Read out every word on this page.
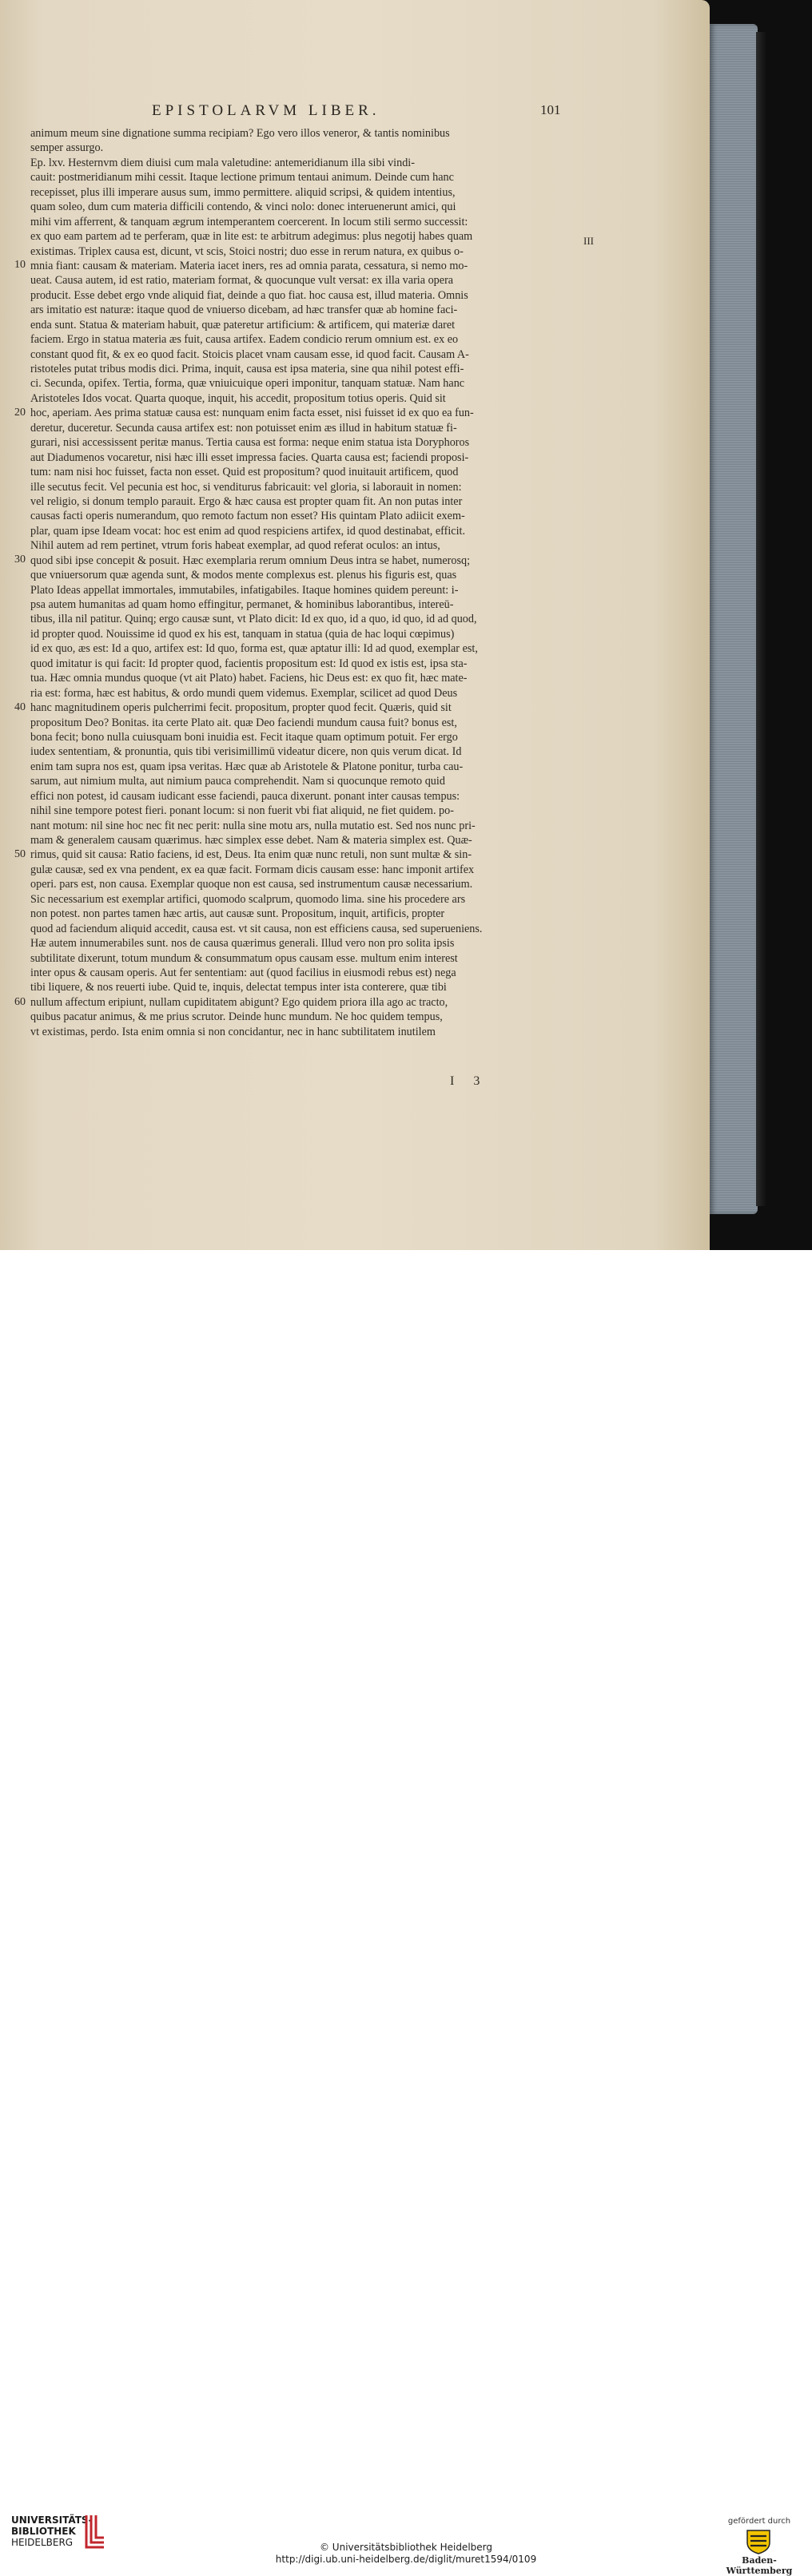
EPISTOLARVM LIBER.	101
III
animum meum sine dignatione summa recipiam? Ego vero illos veneror, & tantis nominibus
semper assurgo.
Ep. lxv. Hesternvm diem diuisi cum mala valetudine: antemeridianum illa sibi vindi-
cauit: postmeridianum mihi cessit. Itaque lectione primum tentaui animum. Deinde cum hanc
recepisset, plus illi imperare ausus sum, immo permittere. aliquid scripsi, & quidem intentius,
quam soleo, dum cum materia difficili contendo, & vinci nolo: donec interuenerunt amici, qui
mihi vim afferrent, & tanquam ægrum intemperantem coercerent. In locum stili sermo successit:
ex quo eam partem ad te perferam, quæ in lite est: te arbitrum adegimus: plus negotij habes quam
existimas. Triplex causa est, dicunt, vt scis, Stoici nostri; duo esse in rerum natura, ex quibus o-
mnia fiant: causam & materiam. Materia iacet iners, res ad omnia parata, cessatura, si nemo mo-
ueat. Causa autem, id est ratio, materiam format, & quocunque vult versat: ex illa varia opera
producit. Esse debet ergo vnde aliquid fiat, deinde a quo fiat. hoc causa est, illud materia. Omnis
ars imitatio est naturæ: itaque quod de vniuerso dicebam, ad hæc transfer quæ ab homine faci-
enda sunt. Statua & materiam habuit, quæ pateretur artificium: & artificem, qui materiæ daret
faciem. Ergo in statua materia æs fuit, causa artifex. Eadem condicio rerum omnium est. ex eo
constant quod fit, & ex eo quod facit. Stoicis placet vnam causam esse, id quod facit. Causam A-
ristoteles putat tribus modis dici. Prima, inquit, causa est ipsa materia, sine qua nihil potest effi-
ci. Secunda, opifex. Tertia, forma, quæ vniuicuique operi imponitur, tanquam statuæ. Nam hanc
Aristoteles Idos vocat. Quarta quoque, inquit, his accedit, propositum totius operis. Quid sit
hoc, aperiam. Aes prima statuæ causa est: nunquam enim facta esset, nisi fuisset id ex quo ea fun-
deretur, duceretur. Secunda causa artifex est: non potuisset enim æs illud in habitum statuæ fi-
gurari, nisi accessissent peritæ manus. Tertia causa est forma: neque enim statua ista Doryphoros
aut Diadumenos vocaretur, nisi hæc illi esset impressa facies. Quarta causa est; faciendi proposi-
tum: nam nisi hoc fuisset, facta non esset. Quid est propositum? quod inuitauit artificem, quod
ille secutus fecit. Vel pecunia est hoc, si venditurus fabricauit: vel gloria, si laborauit in nomen:
vel religio, si donum templo parauit. Ergo & hæc causa est propter quam fit. An non putas inter
causas facti operis numerandum, quo remoto factum non esset? His quintam Plato adiicit exem-
plar, quam ipse Ideam vocat: hoc est enim ad quod respiciens artifex, id quod destinabat, efficit.
Nihil autem ad rem pertinet, vtrum foris habeat exemplar, ad quod referat oculos: an intus,
quod sibi ipse concepit & posuit. Hæc exemplaria rerum omnium Deus intra se habet, numerosq;
que vniuersorum quæ agenda sunt, & modos mente complexus est. plenus his figuris est, quas
Plato Ideas appellat immortales, immutabiles, infatigabiles. Itaque homines quidem pereunt: i-
psa autem humanitas ad quam homo effingitur, permanet, & hominibus laborantibus, intereū-
tibus, illa nil patitur. Quinq; ergo causæ sunt, vt Plato dicit: Id ex quo, id a quo, id quo, id ad quod,
id propter quod. Nouissime id quod ex his est, tanquam in statua (quia de hac loqui cœpimus)
id ex quo, æs est: Id a quo, artifex est: Id quo, forma est, quæ aptatur illi: Id ad quod, exemplar est,
quod imitatur is qui facit: Id propter quod, facientis propositum est: Id quod ex istis est, ipsa sta-
tua. Hæc omnia mundus quoque (vt ait Plato) habet. Faciens, hic Deus est: ex quo fit, hæc mate-
ria est: forma, hæc est habitus, & ordo mundi quem videmus. Exemplar, scilicet ad quod Deus
hanc magnitudinem operis pulcherrimi fecit. propositum, propter quod fecit. Quæris, quid sit
propositum Deo? Bonitas. ita certe Plato ait. quæ Deo faciendi mundum causa fuit? bonus est,
bona fecit; bono nulla cuiusquam boni inuidia est. Fecit itaque quam optimum potuit. Fer ergo
iudex sententiam, & pronuntia, quis tibi verisimillimū videatur dicere, non quis verum dicat. Id
enim tam supra nos est, quam ipsa veritas. Hæc quæ ab Aristotele & Platone ponitur, turba cau-
sarum, aut nimium multa, aut nimium pauca comprehendit. Nam si quocunque remoto quid
effici non potest, id causam iudicant esse faciendi, pauca dixerunt. ponant inter causas tempus:
nihil sine tempore potest fieri. ponant locum: si non fuerit vbi fiat aliquid, ne fiet quidem. po-
nant motum: nil sine hoc nec fit nec perit: nulla sine motu ars, nulla mutatio est. Sed nos nunc pri-
mam & generalem causam quærimus. hæc simplex esse debet. Nam & materia simplex est. Quæ-
rimus, quid sit causa: Ratio faciens, id est, Deus. Ita enim quæ nunc retuli, non sunt multæ & sin-
gulæ causæ, sed ex vna pendent, ex ea quæ facit. Formam dicis causam esse: hanc imponit artifex
operi. pars est, non causa. Exemplar quoque non est causa, sed instrumentum causæ necessarium.
Sic necessarium est exemplar artifici, quomodo scalprum, quomodo lima. sine his procedere ars
non potest. non partes tamen hæc artis, aut causæ sunt. Propositum, inquit, artificis, propter
quod ad faciendum aliquid accedit, causa est. vt sit causa, non est efficiens causa, sed superueniens.
Hæ autem innumerabiles sunt. nos de causa quærimus generali. Illud vero non pro solita ipsis
subtilitate dixerunt, totum mundum & consummatum opus causam esse. multum enim interest
inter opus & causam operis. Aut fer sententiam: aut (quod facilius in eiusmodi rebus est) nega
tibi liquere, & nos reuerti iube. Quid te, inquis, delectat tempus inter ista conterere, quæ tibi
nullum affectum eripiunt, nullam cupiditatem abigunt? Ego quidem priora illa ago ac tracto,
quibus pacatur animus, & me prius scrutor. Deinde hunc mundum. Ne hoc quidem tempus,
vt existimas, perdo. Ista enim omnia si non concidantur, nec in hanc subtilitatem inutilem
10
20
30
40
50
60
I 3
UNIVERSITÄTS-
BIBLIOTHEK
HEIDELBERG	© Universitätsbibliothek Heidelberg
http://digi.ub.uni-heidelberg.de/diglit/muret1594/0109
gefördert durch
Baden-Württemberg
